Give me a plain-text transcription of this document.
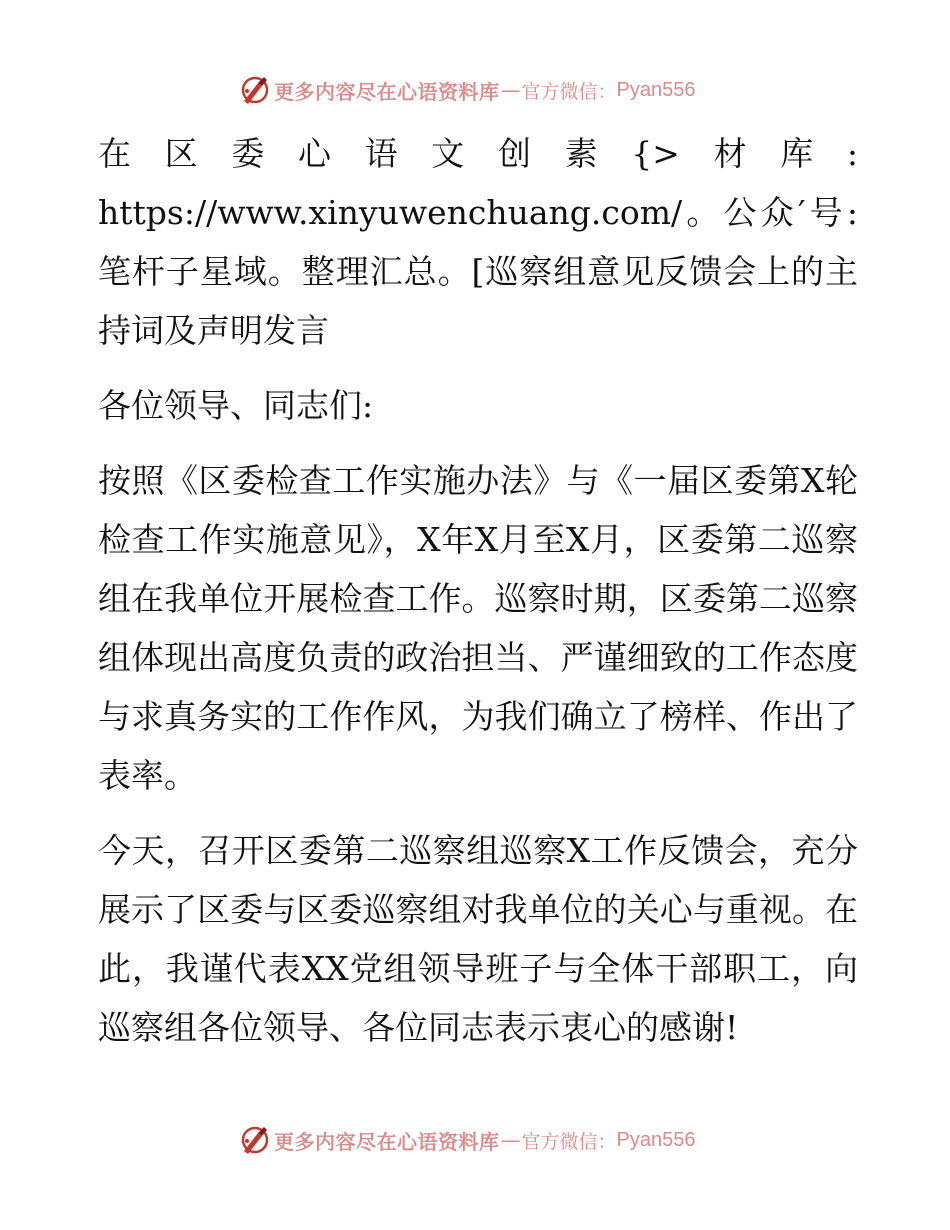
更多内容尽在心语资料库 — 官方微信： Pyan556

在区委心语文创素{>材库: https://www.xinyuwenchuang.com/。公众′号: 笔杆子星域。整理汇总。[巡察组意见反馈会上的主持词及声明发言

各位领导、同志们:

按照《区委检查工作实施办法》与《一届区委第X轮检查工作实施意见》，X年X月至X月，区委第二巡察组在我单位开展检查工作。巡察时期，区委第二巡察组体现出高度负责的政治担当、严谨细致的工作态度与求真务实的工作作风，为我们确立了榜样、作出了表率。

今天，召开区委第二巡察组巡察X工作反馈会，充分展示了区委与区委巡察组对我单位的关心与重视。在此，我谨代表XX党组领导班子与全体干部职工，向巡察组各位领导、各位同志表示衷心的感谢!

更多内容尽在心语资料库 — 官方微信： Pyan556
